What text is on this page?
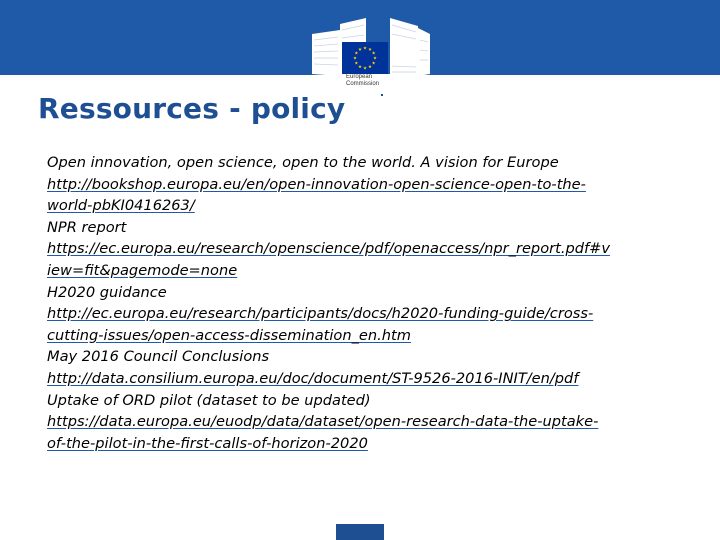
European
Commission
Ressources - policy
Open innovation, open science, open to the world. A vision for Europe
http://bookshop.europa.eu/en/open-innovation-open-science-open-to-the-
world-pbKI0416263/
NPR report
https://ec.europa.eu/research/openscience/pdf/openaccess/npr_report.pdf#v
iew=fit&pagemode=none
H2020 guidance
http://ec.europa.eu/research/participants/docs/h2020-funding-guide/cross-
cutting-issues/open-access-dissemination_en.htm
May 2016 Council Conclusions
http://data.consilium.europa.eu/doc/document/ST-9526-2016-INIT/en/pdf
Uptake of ORD pilot (dataset to be updated)
https://data.europa.eu/euodp/data/dataset/open-research-data-the-uptake-
of-the-pilot-in-the-first-calls-of-horizon-2020
